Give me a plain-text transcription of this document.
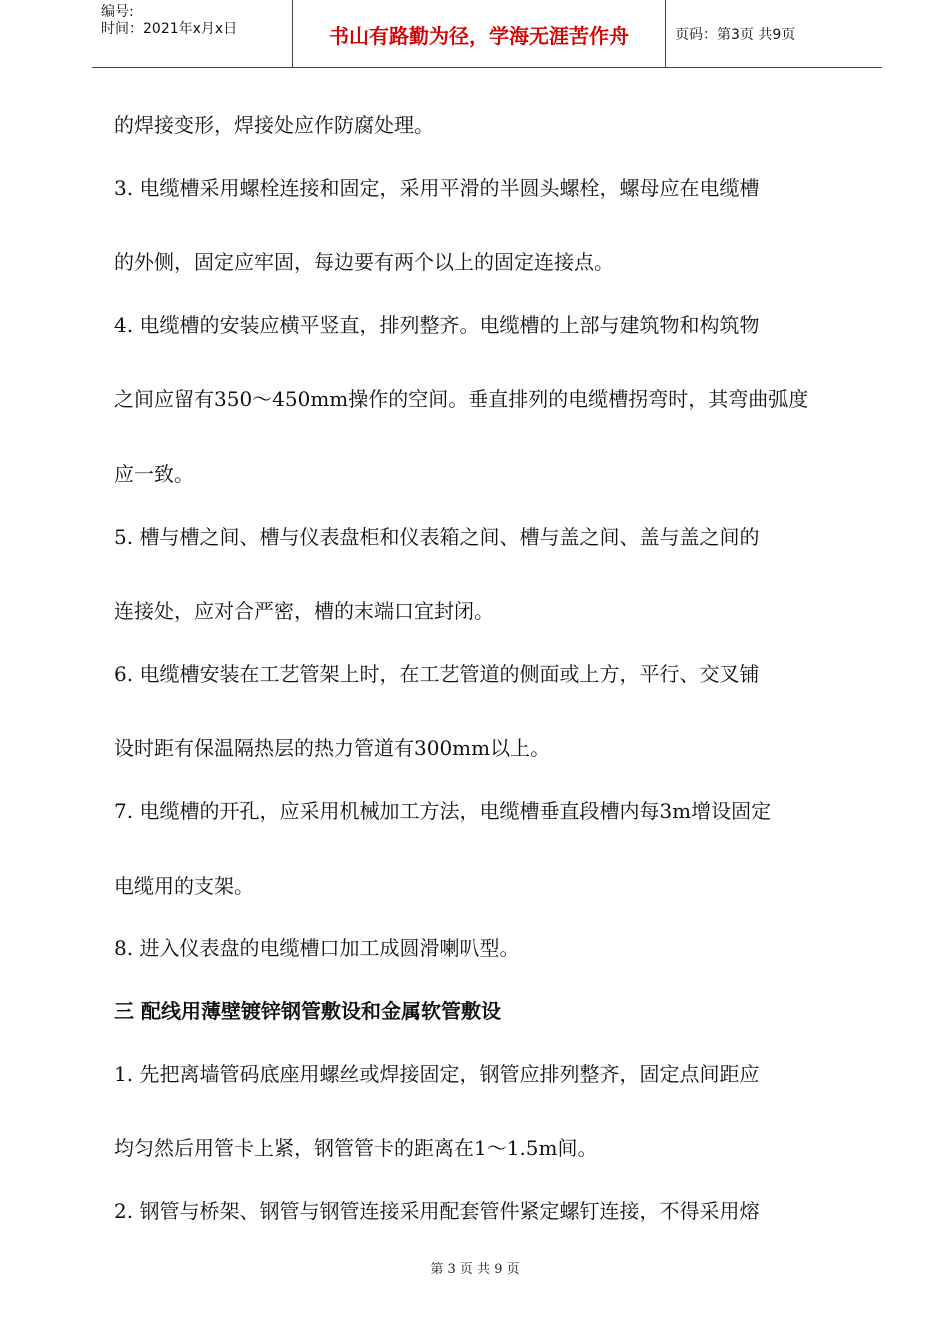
编号:
时间：2021年x月x日	书山有路勤为径，学海无涯苦作舟	页码：第3页 共9页
的焊接变形，焊接处应作防腐处理。
3. 电缆槽采用螺栓连接和固定，采用平滑的半圆头螺栓，螺母应在电缆槽
的外侧，固定应牢固，每边要有两个以上的固定连接点。
4. 电缆槽的安装应横平竖直，排列整齐。电缆槽的上部与建筑物和构筑物
之间应留有350～450mm操作的空间。垂直排列的电缆槽拐弯时，其弯曲弧度
应一致。
5. 槽与槽之间、槽与仪表盘柜和仪表箱之间、槽与盖之间、盖与盖之间的
连接处，应对合严密，槽的末端口宜封闭。
6. 电缆槽安装在工艺管架上时，在工艺管道的侧面或上方，平行、交叉铺
设时距有保温隔热层的热力管道有300mm以上。
7. 电缆槽的开孔，应采用机械加工方法，电缆槽垂直段槽内每3m增设固定
电缆用的支架。
8. 进入仪表盘的电缆槽口加工成圆滑喇叭型。
三 配线用薄壁镀锌钢管敷设和金属软管敷设
1. 先把离墙管码底座用螺丝或焊接固定，钢管应排列整齐，固定点间距应
均匀然后用管卡上紧，钢管管卡的距离在1～1.5m间。
2. 钢管与桥架、钢管与钢管连接采用配套管件紧定螺钉连接，不得采用熔
第 3 页 共 9 页
